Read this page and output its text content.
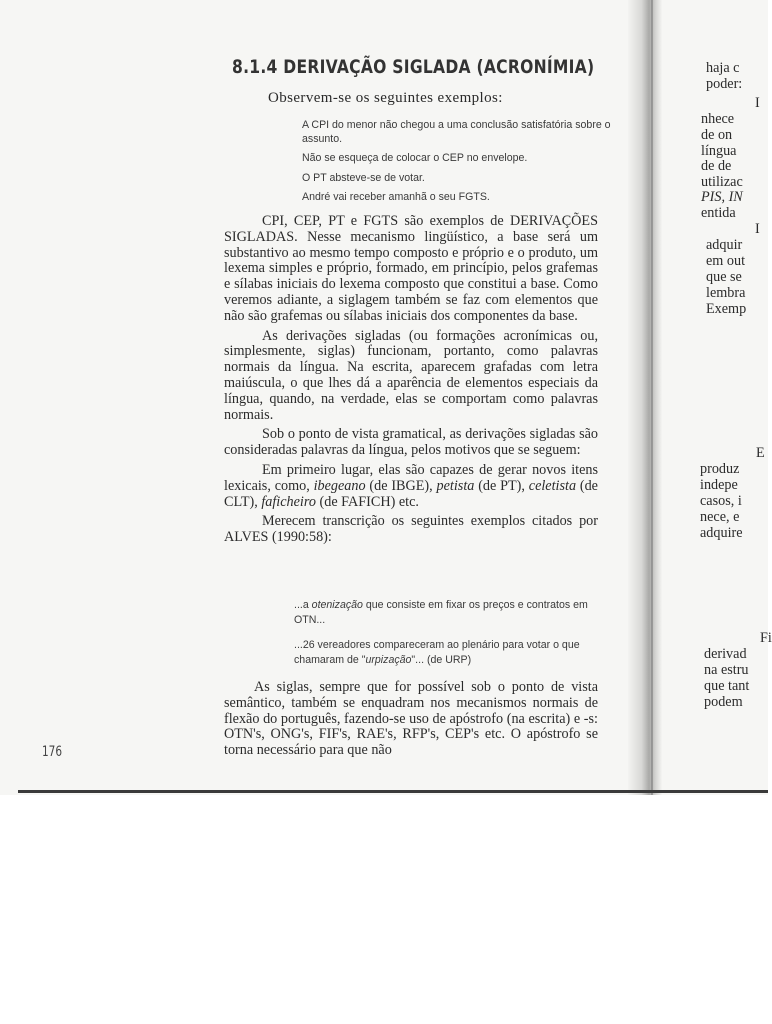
8.1.4 DERIVAÇÃO SIGLADA (ACRONÍMIA)
Observem-se os seguintes exemplos:

A CPI do menor não chegou a uma conclusão satisfatória sobre o assunto.

Não se esqueça de colocar o CEP no envelope.

O PT absteve-se de votar.

André vai receber amanhã o seu FGTS.

CPI, CEP, PT e FGTS são exemplos de DERIVAÇÕES SIGLADAS. Nesse mecanismo lingüístico, a base será um substantivo ao mesmo tempo composto e próprio e o produto, um lexema simples e próprio, formado, em princípio, pelos grafemas e sílabas iniciais do lexema composto que constitui a base. Como veremos adiante, a siglagem também se faz com elementos que não são grafemas ou sílabas iniciais dos componentes da base.

As derivações sigladas (ou formações acronímicas ou, simplesmente, siglas) funcionam, portanto, como palavras normais da língua. Na escrita, aparecem grafadas com letra maiúscula, o que lhes dá a aparência de elementos especiais da língua, quando, na verdade, elas se comportam como palavras normais.

Sob o ponto de vista gramatical, as derivações sigladas são consideradas palavras da língua, pelos motivos que se seguem:

Em primeiro lugar, elas são capazes de gerar novos itens lexicais, como, ibegeano (de IBGE), petista (de PT), celetista (de CLT), faficheiro (de FAFICH) etc.

Merecem transcrição os seguintes exemplos citados por ALVES (1990:58):

...a otenização que consiste em fixar os preços e contratos em OTN...

...26 vereadores compareceram ao plenário para votar o que chamaram de "urpização"... (de URP)

As siglas, sempre que for possível sob o ponto de vista semântico, também se enquadram nos mecanismos normais de flexão do português, fazendo-se uso de apóstrofo (na escrita) e -s: OTN's, ONG's, FIF's, RAE's, RFP's, CEP's etc. O apóstrofo se torna necessário para que não

176
haja c
poder:
I
nhece
de on
língua
de de
utilizac
PIS, IN
entida
I
adquir
em out
que se
lembra
Exemp
E
produz
indepe
casos, i
nece, e
adquire
Fi
derivad
na estru
que tant
podem
